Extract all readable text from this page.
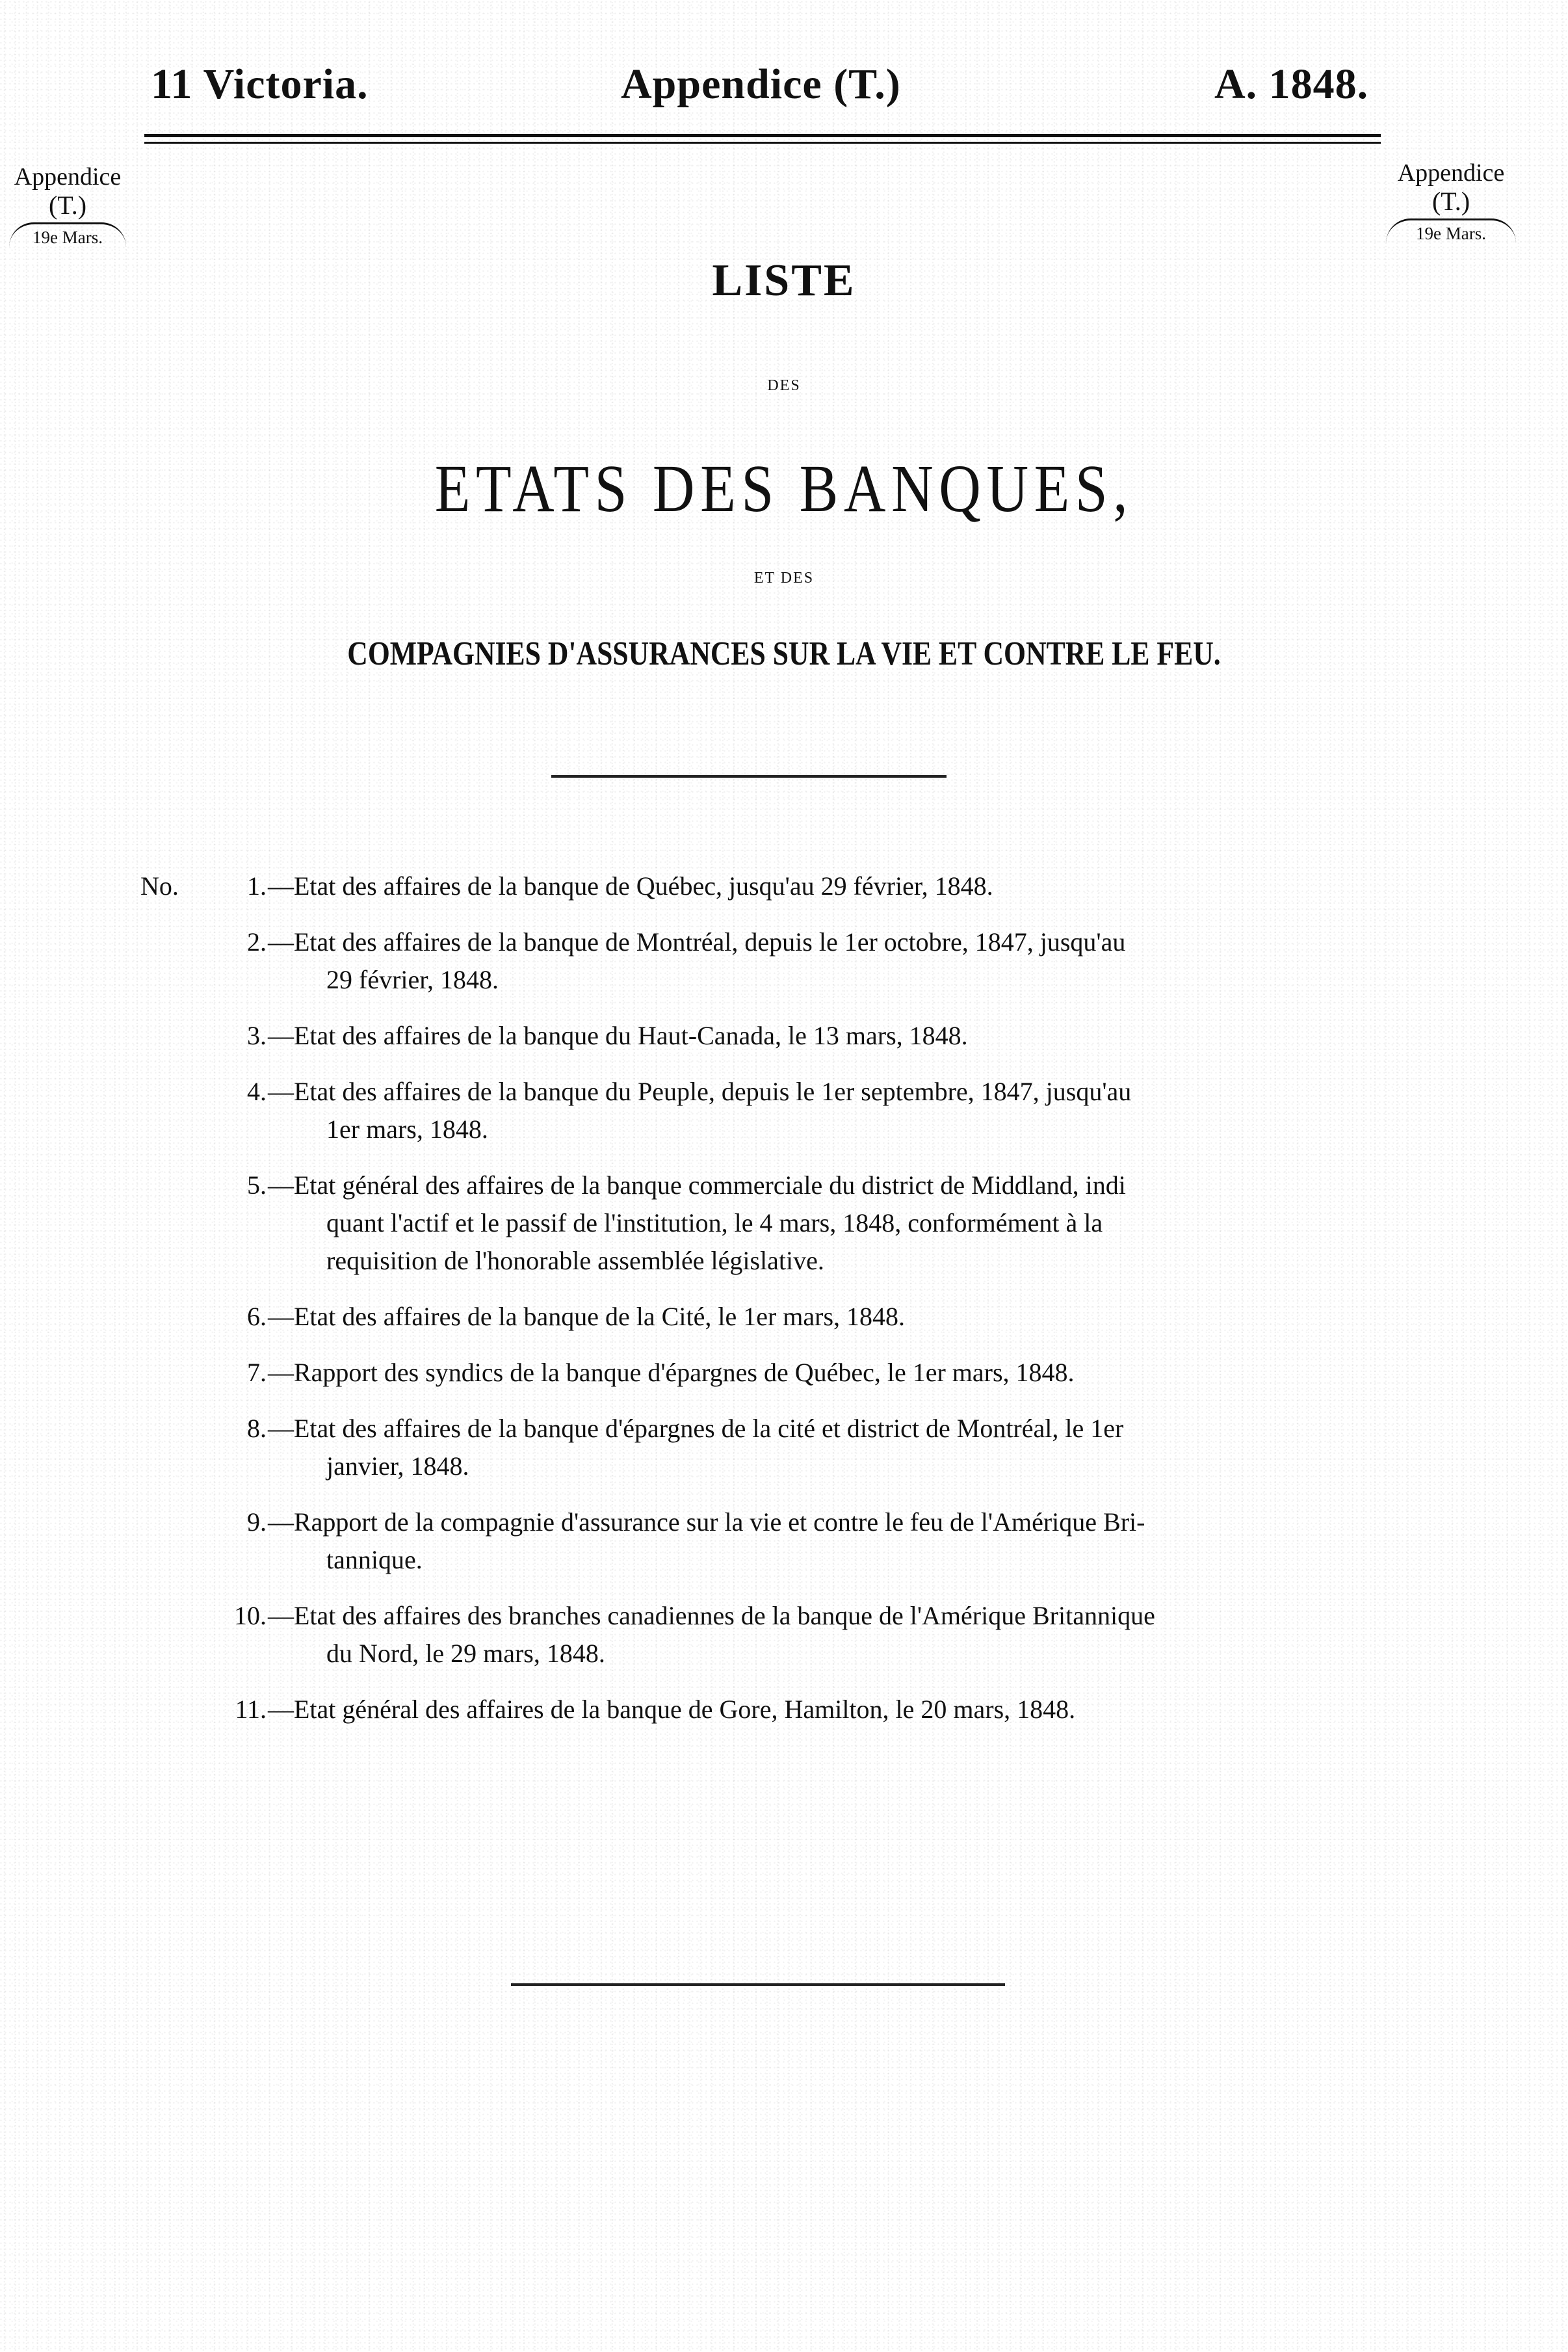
11 Victoria.	Appendice (T.)	A. 1848.
Appendice
(T.)
19e Mars.
Appendice
(T.)
19e Mars.
LISTE
DES
ETATS DES BANQUES,
ET DES
COMPAGNIES D'ASSURANCES SUR LA VIE ET CONTRE LE FEU.
No.	1. —Etat des affaires de la banque de Québec, jusqu'au 29 février, 1848.
2. —Etat des affaires de la banque de Montréal, depuis le 1er octobre, 1847, jusqu'au
29 février, 1848.
3. —Etat des affaires de la banque du Haut-Canada, le 13 mars, 1848.
4. —Etat des affaires de la banque du Peuple, depuis le 1er septembre, 1847, jusqu'au
1er mars, 1848.
5. —Etat général des affaires de la banque commerciale du district de Middland, indi
quant l'actif et le passif de l'institution, le 4 mars, 1848, conformément à la
requisition de l'honorable assemblée législative.
6. —Etat des affaires de la banque de la Cité, le 1er mars, 1848.
7. —Rapport des syndics de la banque d'épargnes de Québec, le 1er mars, 1848.
8. —Etat des affaires de la banque d'épargnes de la cité et district de Montréal, le 1er
janvier, 1848.
9. —Rapport de la compagnie d'assurance sur la vie et contre le feu de l'Amérique Bri-
tannique.
10. —Etat des affaires des branches canadiennes de la banque de l'Amérique Britannique
du Nord, le 29 mars, 1848.
11. —Etat général des affaires de la banque de Gore, Hamilton, le 20 mars, 1848.
